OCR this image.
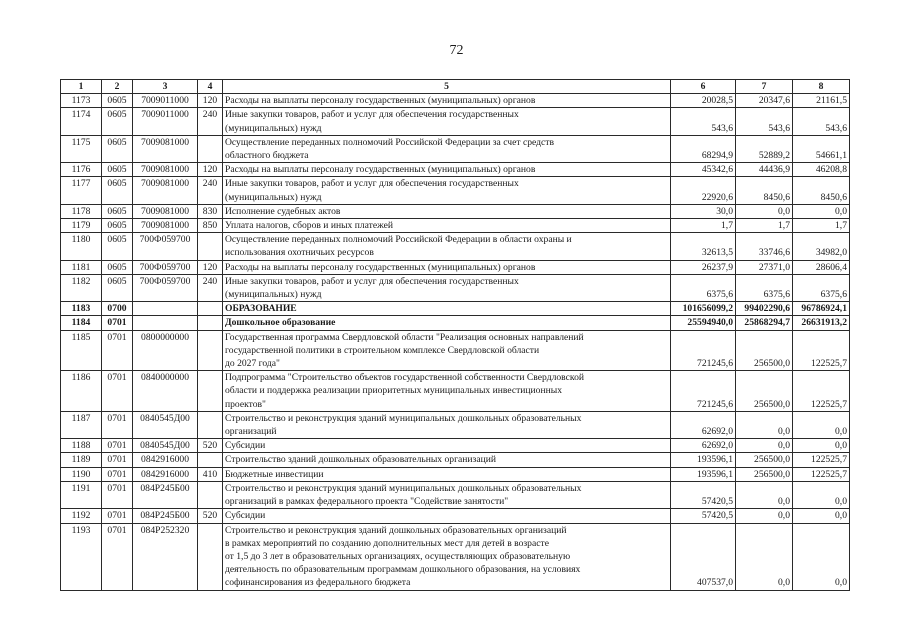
72
1	2	3	4	5	6	7	8
1173	0605	7009011000	120	Расходы на выплаты персоналу государственных (муниципальных) органов	20028,5	20347,6	21161,5
1174	0605	7009011000	240	Иные закупки товаров, работ и услуг для обеспечения государственных
(муниципальных) нужд	543,6	543,6	543,6
1175	0605	7009081000		Осуществление переданных полномочий Российской Федерации за счет средств
областного бюджета	68294,9	52889,2	54661,1
1176	0605	7009081000	120	Расходы на выплаты персоналу государственных (муниципальных) органов	45342,6	44436,9	46208,8
1177	0605	7009081000	240	Иные закупки товаров, работ и услуг для обеспечения государственных
(муниципальных) нужд	22920,6	8450,6	8450,6
1178	0605	7009081000	830	Исполнение судебных актов	30,0	0,0	0,0
1179	0605	7009081000	850	Уплата налогов, сборов и иных платежей	1,7	1,7	1,7
1180	0605	700Ф059700		Осуществление переданных полномочий Российской Федерации в области охраны и
использования охотничьих ресурсов	32613,5	33746,6	34982,0
1181	0605	700Ф059700	120	Расходы на выплаты персоналу государственных (муниципальных) органов	26237,9	27371,0	28606,4
1182	0605	700Ф059700	240	Иные закупки товаров, работ и услуг для обеспечения государственных
(муниципальных) нужд	6375,6	6375,6	6375,6
1183	0700			ОБРАЗОВАНИЕ	101656099,2	99402290,6	96786924,1
1184	0701			Дошкольное образование	25594940,0	25868294,7	26631913,2
1185	0701	0800000000		Государственная программа Свердловской области "Реализация основных направлений
государственной политики в строительном комплексе Свердловской области
до 2027 года"	721245,6	256500,0	122525,7
1186	0701	0840000000		Подпрограмма "Строительство объектов государственной собственности Свердловской
области и поддержка реализации приоритетных муниципальных инвестиционных
проектов"	721245,6	256500,0	122525,7
1187	0701	0840545Д00		Строительство и реконструкция зданий муниципальных дошкольных образовательных
организаций	62692,0	0,0	0,0
1188	0701	0840545Д00	520	Субсидии	62692,0	0,0	0,0
1189	0701	0842916000		Строительство зданий дошкольных образовательных организаций	193596,1	256500,0	122525,7
1190	0701	0842916000	410	Бюджетные инвестиции	193596,1	256500,0	122525,7
1191	0701	084P245Б00		Строительство и реконструкция зданий муниципальных дошкольных образовательных
организаций в рамках федерального проекта "Содействие занятости"	57420,5	0,0	0,0
1192	0701	084P245Б00	520	Субсидии	57420,5	0,0	0,0
1193	0701	084P252320		Строительство и реконструкция зданий дошкольных образовательных организаций
в рамках мероприятий по созданию дополнительных мест для детей в возрасте
от 1,5 до 3 лет в образовательных организациях, осуществляющих образовательную
деятельность по образовательным программам дошкольного образования, на условиях
софинансирования из федерального бюджета	407537,0	0,0	0,0
